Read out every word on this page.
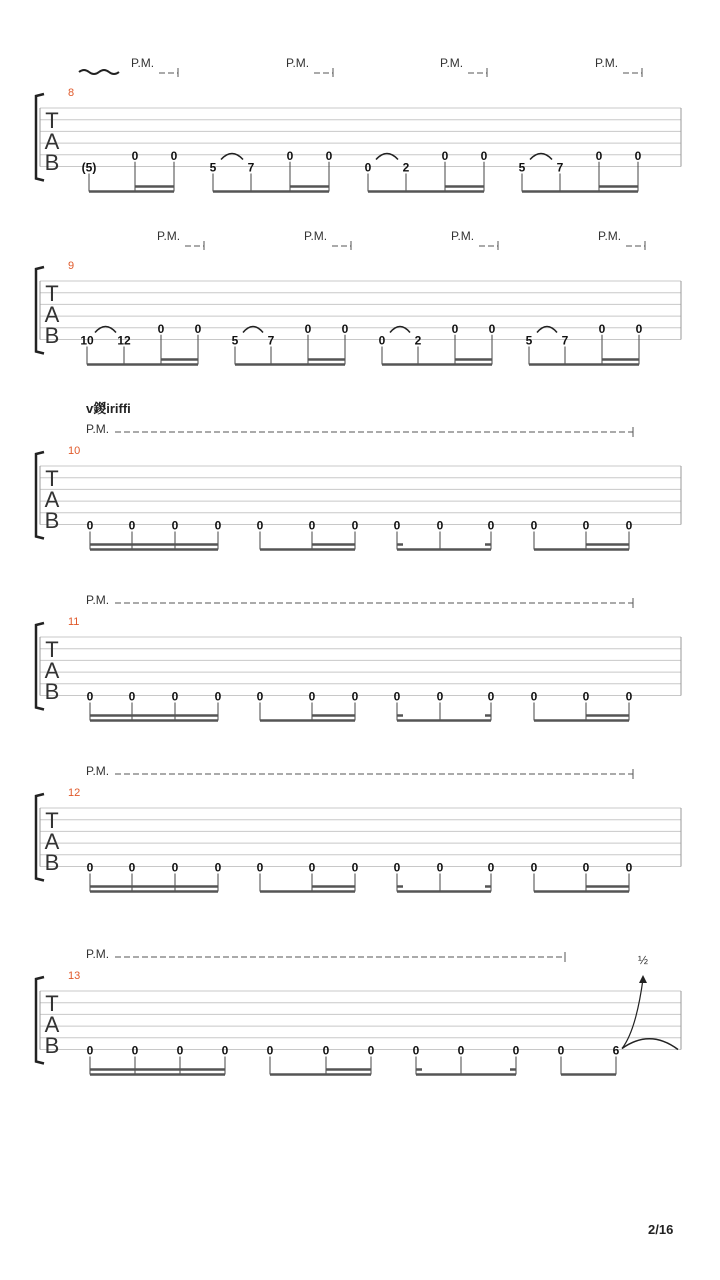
T
A
B
8
P.M.	P.M.	P.M.	P.M.
(5)
0	0
5	7
0	0
0	2
0	0
5	7
0	0
T
A
B
9
P.M.	P.M.	P.M.	P.M.
10 12
0	0
5 7
0	0
0 2
0	0
5 7
0	0
T
A
B
10
v鍐iriffi
P.M.
0	0	0	0	0	0	0	0	0	0	0	0	0
T
A
B
11
P.M.
0	0	0	0	0	0	0	0	0	0	0	0	0
T
A
B
12
P.M.
0	0	0	0	0	0	0	0	0	0	0	0	0
T
A
B
13
P.M.
0	0	0	0	0	0	0	0	0	0	0	6
½
2/16
